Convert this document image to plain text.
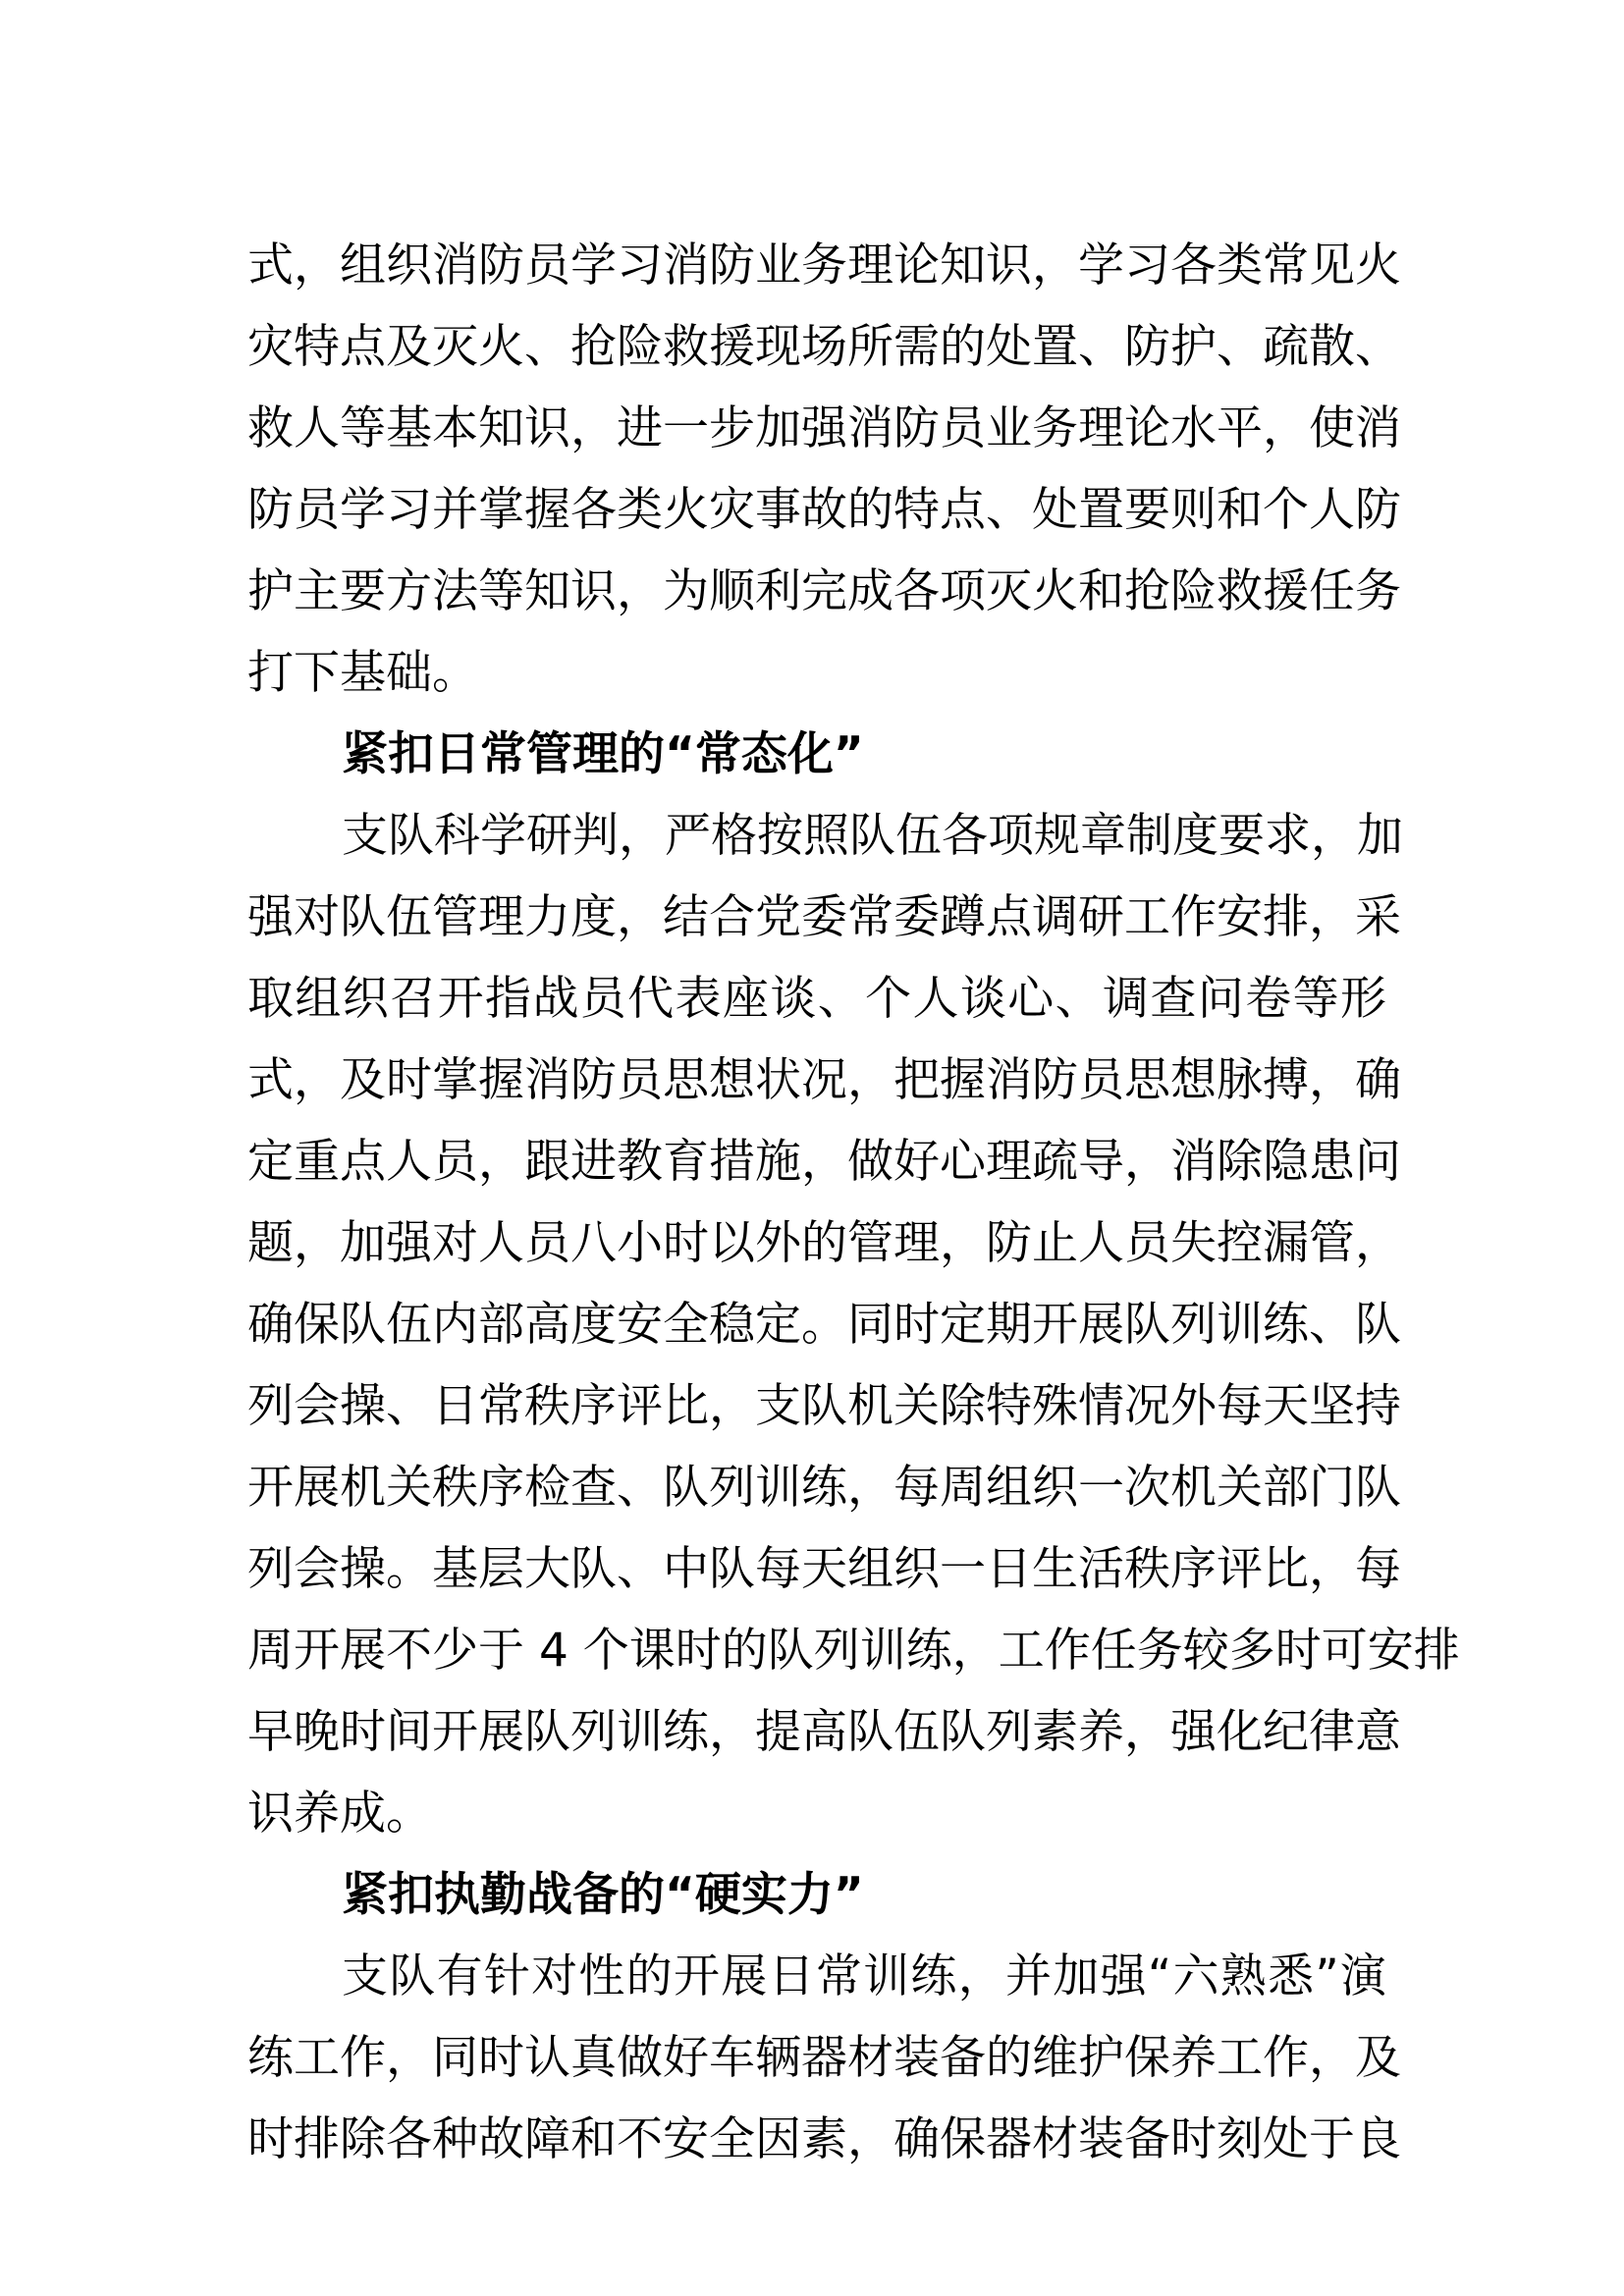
式，组织消防员学习消防业务理论知识，学习各类常见火
灾特点及灭火、抢险救援现场所需的处置、防护、疏散、
救人等基本知识，进一步加强消防员业务理论水平，使消
防员学习并掌握各类火灾事故的特点、处置要则和个人防
护主要方法等知识，为顺利完成各项灭火和抢险救援任务
打下基础。
紧扣日常管理的“常态化”
支队科学研判，严格按照队伍各项规章制度要求，加
强对队伍管理力度，结合党委常委蹲点调研工作安排，采
取组织召开指战员代表座谈、个人谈心、调查问卷等形
式，及时掌握消防员思想状况，把握消防员思想脉搏，确
定重点人员，跟进教育措施，做好心理疏导，消除隐患问
题，加强对人员八小时以外的管理，防止人员失控漏管，
确保队伍内部高度安全稳定。同时定期开展队列训练、队
列会操、日常秩序评比，支队机关除特殊情况外每天坚持
开展机关秩序检查、队列训练，每周组织一次机关部门队
列会操。基层大队、中队每天组织一日生活秩序评比，每
周开展不少于 4 个课时的队列训练，工作任务较多时可安排
早晚时间开展队列训练，提高队伍队列素养，强化纪律意
识养成。
紧扣执勤战备的“硬实力”
支队有针对性的开展日常训练，并加强“六熟悉”演
练工作，同时认真做好车辆器材装备的维护保养工作，及
时排除各种故障和不安全因素，确保器材装备时刻处于良
